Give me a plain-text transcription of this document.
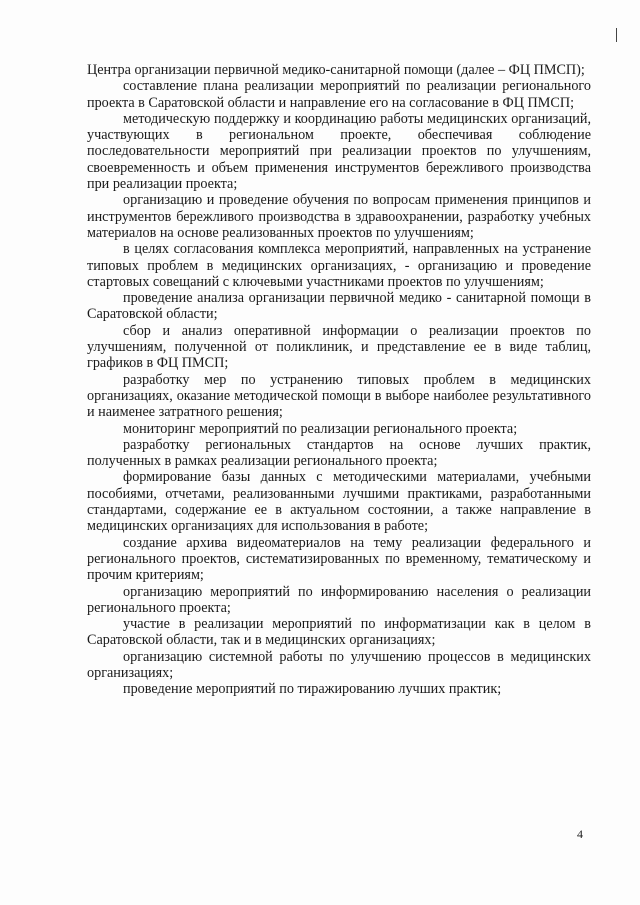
Центра организации первичной медико-санитарной помощи (далее – ФЦ ПМСП);

составление плана реализации мероприятий по реализации регионального проекта в Саратовской области и направление его на согласование в ФЦ ПМСП;

методическую поддержку и координацию работы медицинских организаций, участвующих в региональном проекте, обеспечивая соблюдение последовательности мероприятий при реализации проектов по улучшениям, своевременность и объем применения инструментов бережливого производства при реализации проекта;

организацию и проведение обучения по вопросам применения принципов и инструментов бережливого производства в здравоохранении, разработку учебных материалов на основе реализованных проектов по улучшениям;

в целях согласования комплекса мероприятий, направленных на устранение типовых проблем в медицинских организациях, - организацию и проведение стартовых совещаний с ключевыми участниками проектов по улучшениям;

проведение анализа организации первичной медико - санитарной помощи в Саратовской области;

сбор и анализ оперативной информации о реализации проектов по улучшениям, полученной от поликлиник, и представление ее в виде таблиц, графиков в ФЦ ПМСП;

разработку мер по устранению типовых проблем в медицинских организациях, оказание методической помощи в выборе наиболее результативного и наименее затратного решения;

мониторинг мероприятий по реализации регионального проекта;

разработку региональных стандартов на основе лучших практик, полученных в рамках реализации регионального проекта;

формирование базы данных с методическими материалами, учебными пособиями, отчетами, реализованными лучшими практиками, разработанными стандартами, содержание ее в актуальном состоянии, а также направление в медицинских организациях для использования в работе;

создание архива видеоматериалов на тему реализации федерального и регионального проектов, систематизированных по временному, тематическому и прочим критериям;

организацию мероприятий по информированию населения о реализации регионального проекта;

участие в реализации мероприятий по информатизации как в целом в Саратовской области, так и в медицинских организациях;

организацию системной работы по улучшению процессов в медицинских организациях;

проведение мероприятий по тиражированию лучших практик;

4
